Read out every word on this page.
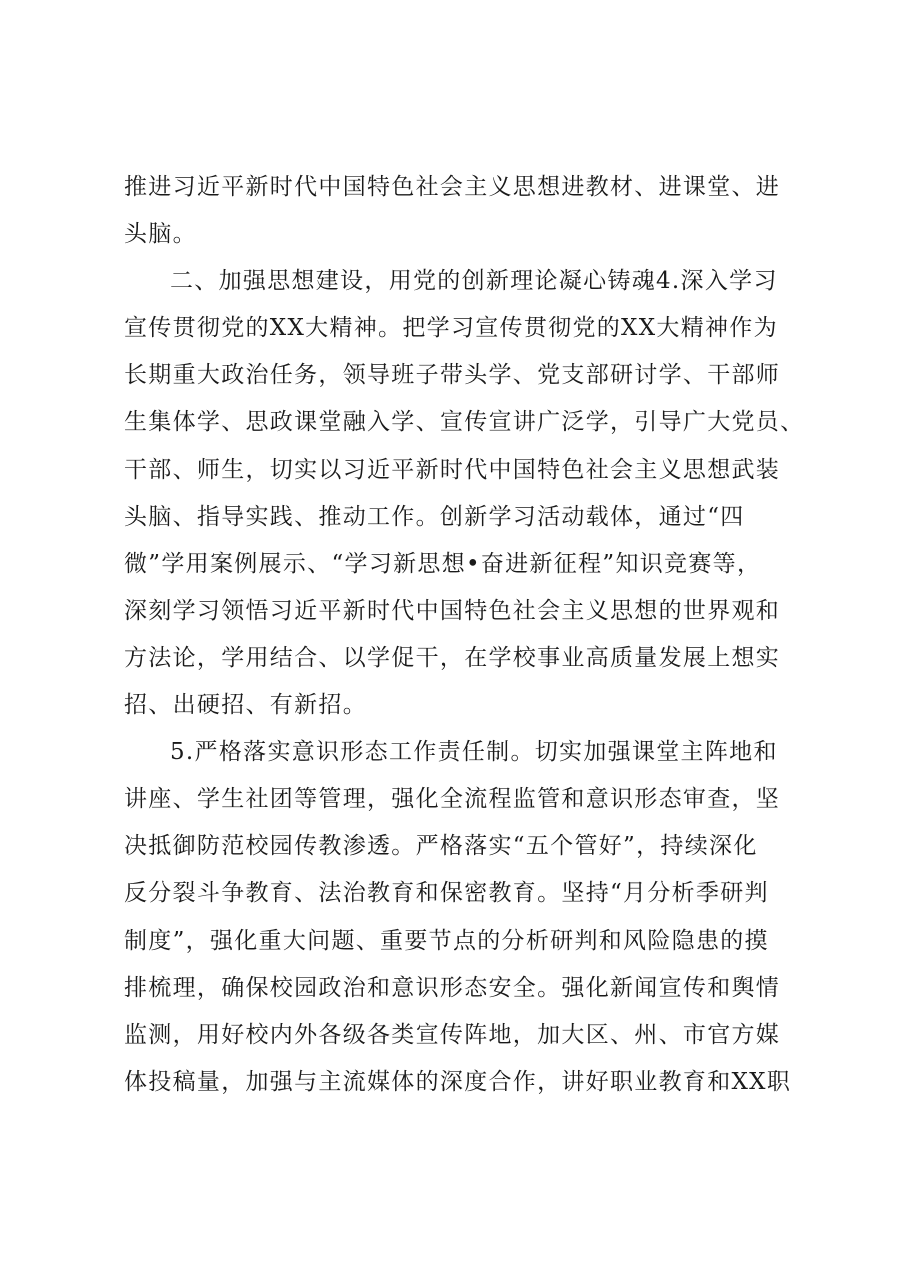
推进习近平新时代中国特色社会主义思想进教材、进课堂、进
头脑。
二、加强思想建设，用党的创新理论凝心铸魂4.深入学习
宣传贯彻党的XX大精神。把学习宣传贯彻党的XX大精神作为
长期重大政治任务，领导班子带头学、党支部研讨学、干部师
生集体学、思政课堂融入学、宣传宣讲广泛学，引导广大党员、
干部、师生，切实以习近平新时代中国特色社会主义思想武装
头脑、指导实践、推动工作。创新学习活动载体，通过“四
微”学用案例展示、“学习新思想•奋进新征程”知识竞赛等，
深刻学习领悟习近平新时代中国特色社会主义思想的世界观和
方法论，学用结合、以学促干，在学校事业高质量发展上想实
招、出硬招、有新招。
5.严格落实意识形态工作责任制。切实加强课堂主阵地和
讲座、学生社团等管理，强化全流程监管和意识形态审查，坚
决抵御防范校园传教渗透。严格落实“五个管好”，持续深化
反分裂斗争教育、法治教育和保密教育。坚持“月分析季研判
制度”，强化重大问题、重要节点的分析研判和风险隐患的摸
排梳理，确保校园政治和意识形态安全。强化新闻宣传和舆情
监测，用好校内外各级各类宣传阵地，加大区、州、市官方媒
体投稿量，加强与主流媒体的深度合作，讲好职业教育和XX职
